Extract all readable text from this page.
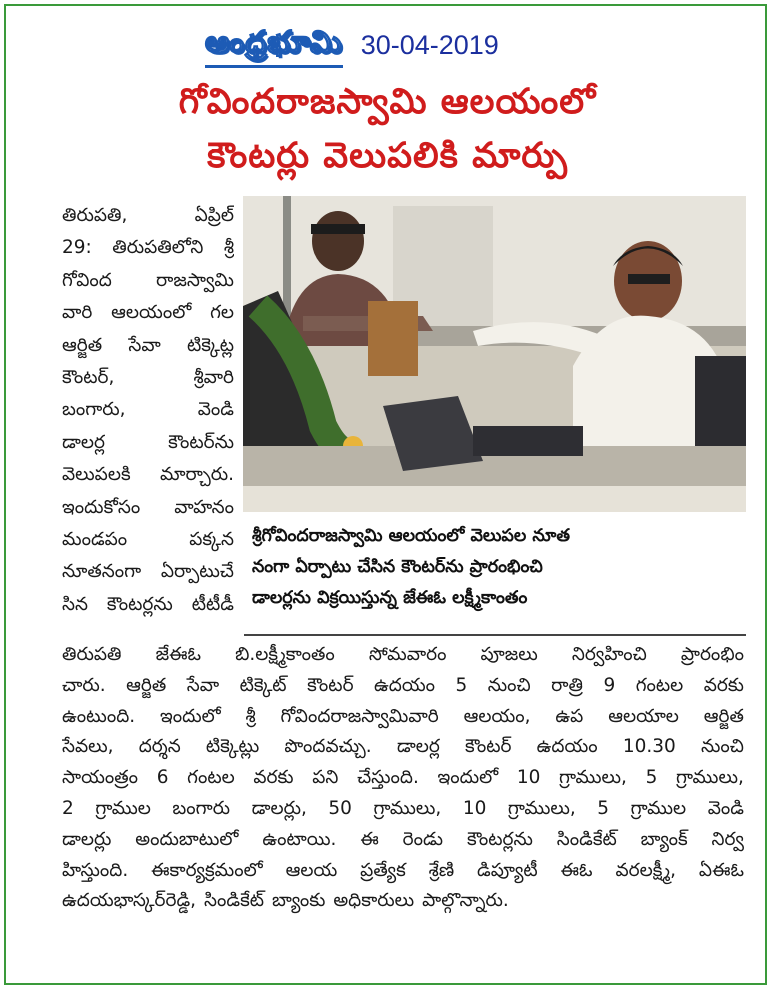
ఆంధ్రభూమి 30-04-2019
గోవిందరాజస్వామి ఆలయంలో
కౌంటర్లు వెలుపలికి మార్పు
తిరుపతి,	ఏప్రిల్
29: తిరుపతిలోని శ్రీ
గోవింద రాజస్వామి
వారి ఆలయంలో గల
ఆర్జిత సేవా టిక్కెట్ల
కౌంటర్,	శ్రీవారి
బంగారు,	వెండి
డాలర్ల	కౌంటర్‌ను
వెలుపలకి మార్చారు.
ఇందుకోసం వాహనం
మండపం	పక్కన
నూతనంగా ఏర్పాటుచే
సిన కౌంటర్లను టీటీడీ
శ్రీగోవిందరాజస్వామి ఆలయంలో వెలుపల నూత
నంగా ఏర్పాటు చేసిన కౌంటర్‌ను ప్రారంభించి
డాలర్లను విక్రయిస్తున్న జేఈఓ లక్ష్మీకాంతం
తిరుపతి జేఈఓ బి.లక్ష్మీకాంతం సోమవారం పూజలు నిర్వహించి ప్రారంభిం
చారు. ఆర్జిత సేవా టిక్కెట్ కౌంటర్ ఉదయం 5 నుంచి రాత్రి 9 గంటల వరకు
ఉంటుంది. ఇందులో శ్రీ గోవిందరాజస్వామివారి ఆలయం, ఉప ఆలయాల ఆర్జిత
సేవలు, దర్శన టిక్కెట్లు పొందవచ్చు. డాలర్ల కౌంటర్ ఉదయం 10.30 నుంచి
సాయంత్రం 6 గంటల వరకు పని చేస్తుంది. ఇందులో 10 గ్రాములు, 5 గ్రాములు,
2 గ్రాముల బంగారు డాలర్లు, 50 గ్రాములు, 10 గ్రాములు, 5 గ్రాముల వెండి
డాలర్లు అందుబాటులో ఉంటాయి. ఈ రెండు కౌంటర్లను సిండికేట్ బ్యాంక్ నిర్వ
హిస్తుంది. ఈకార్యక్రమంలో ఆలయ ప్రత్యేక శ్రేణి డిప్యూటీ ఈఓ వరలక్ష్మీ, ఏఈఓ
ఉదయభాస్కర్‌రెడ్డి, సిండికేట్ బ్యాంకు అధికారులు పాల్గొన్నారు.
